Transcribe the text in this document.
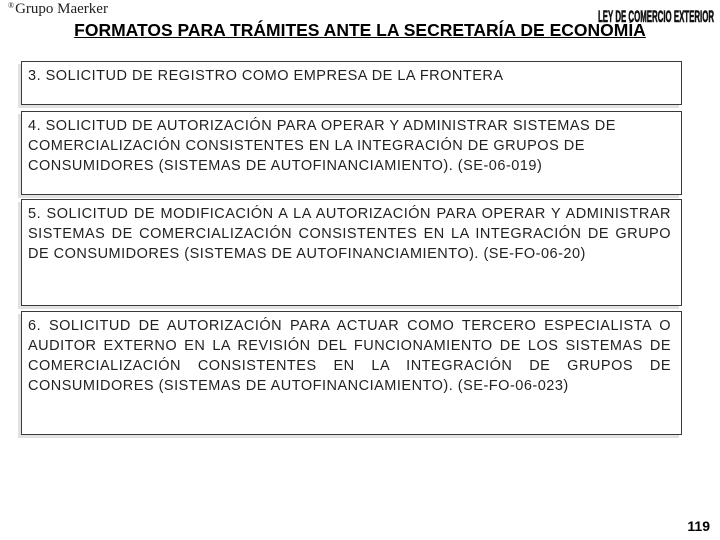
®Grupo Maerker	LEY DE COMERCIO EXTERIOR
FORMATOS PARA TRÁMITES ANTE LA SECRETARÍA DE ECONOMÍA
3. SOLICITUD DE REGISTRO COMO EMPRESA DE LA FRONTERA
4. SOLICITUD DE AUTORIZACIÓN PARA OPERAR Y ADMINISTRAR SISTEMAS DE COMERCIALIZACIÓN CONSISTENTES EN LA INTEGRACIÓN DE GRUPOS DE CONSUMIDORES (SISTEMAS DE AUTOFINANCIAMIENTO). (SE-06-019)
5. SOLICITUD DE MODIFICACIÓN A LA AUTORIZACIÓN PARA OPERAR Y ADMINISTRAR SISTEMAS DE COMERCIALIZACIÓN CONSISTENTES EN LA INTEGRACIÓN DE GRUPO DE CONSUMIDORES (SISTEMAS DE AUTOFINANCIAMIENTO). (SE-FO-06-20)
6. SOLICITUD DE AUTORIZACIÓN PARA ACTUAR COMO TERCERO ESPECIALISTA O AUDITOR EXTERNO EN LA REVISIÓN DEL FUNCIONAMIENTO DE LOS SISTEMAS DE COMERCIALIZACIÓN CONSISTENTES EN LA INTEGRACIÓN DE GRUPOS DE CONSUMIDORES (SISTEMAS DE AUTOFINANCIAMIENTO). (SE-FO-06-023)
119
